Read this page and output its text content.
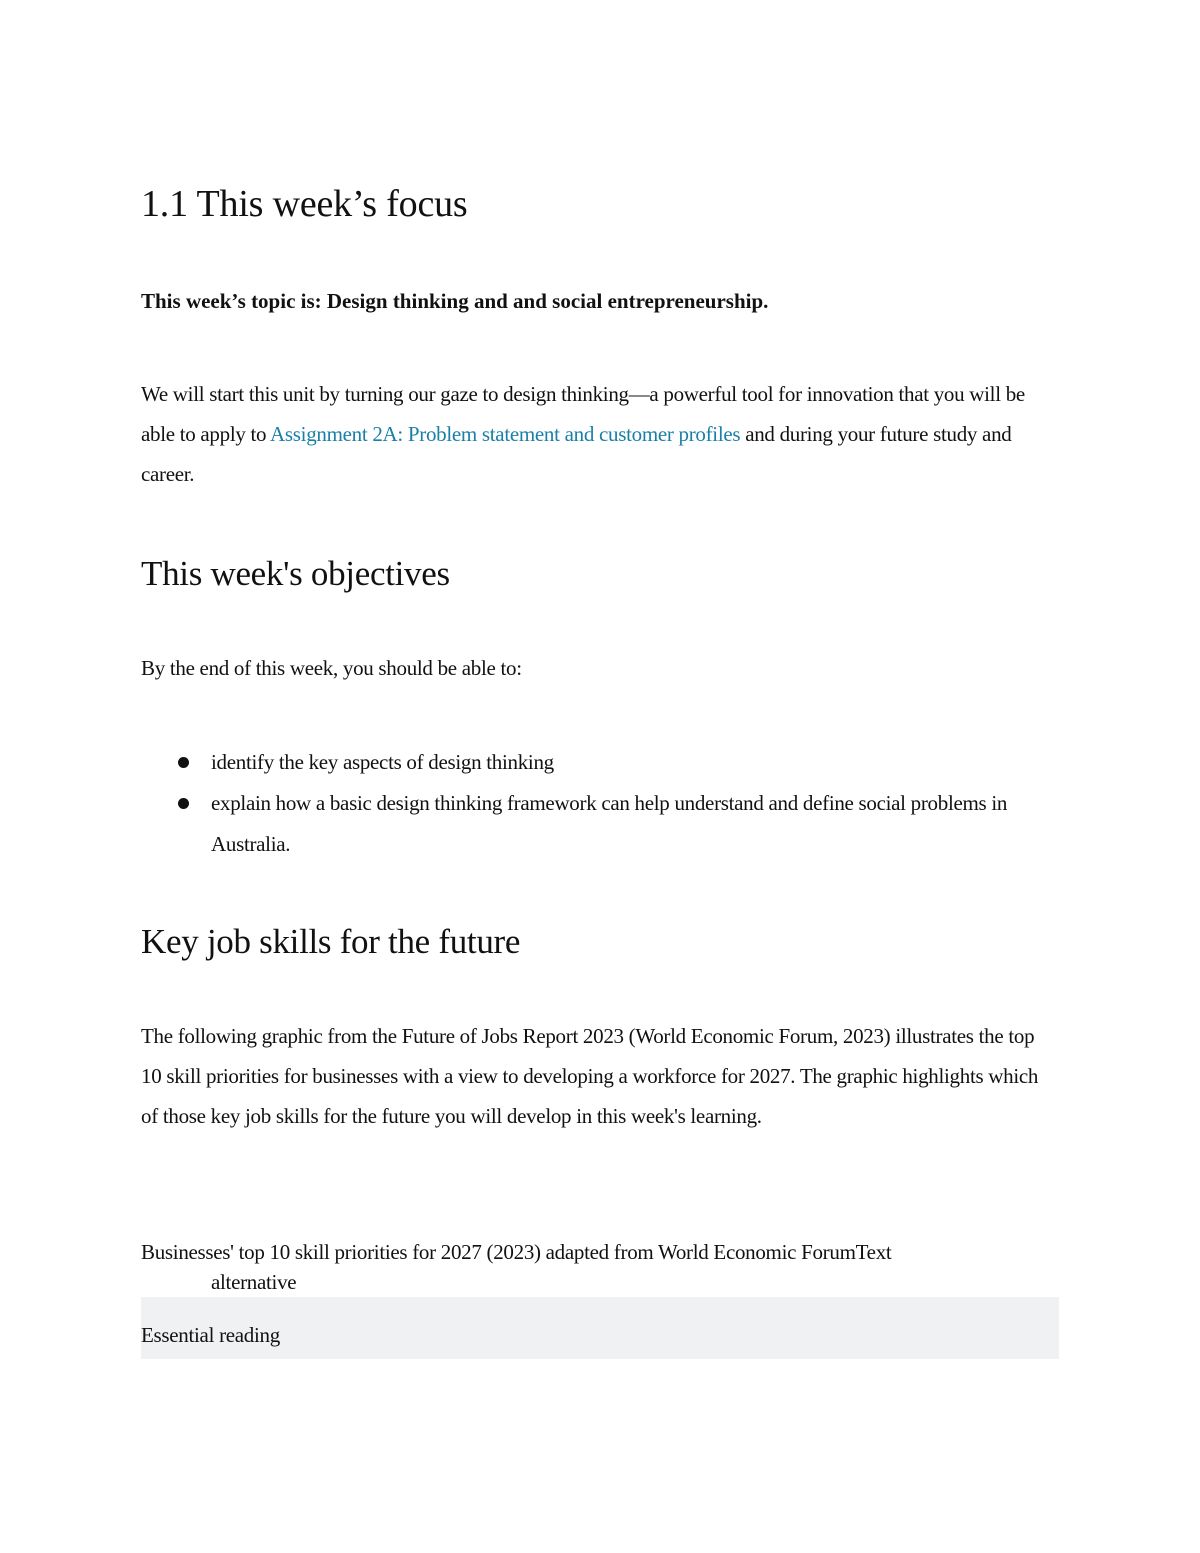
1.1 This week’s focus

This week’s topic is: Design thinking and and social entrepreneurship.

We will start this unit by turning our gaze to design thinking—a powerful tool for innovation that you will be able to apply to Assignment 2A: Problem statement and customer profiles and during your future study and career.

This week's objectives

By the end of this week, you should be able to:

identify the key aspects of design thinking
explain how a basic design thinking framework can help understand and define social problems in Australia.
Key job skills for the future

The following graphic from the Future of Jobs Report 2023 (World Economic Forum, 2023) illustrates the top 10 skill priorities for businesses with a view to developing a workforce for 2027. The graphic highlights which of those key job skills for the future you will develop in this week's learning.

Businesses' top 10 skill priorities for 2027 (2023) adapted from World Economic ForumText
alternative

Essential reading
